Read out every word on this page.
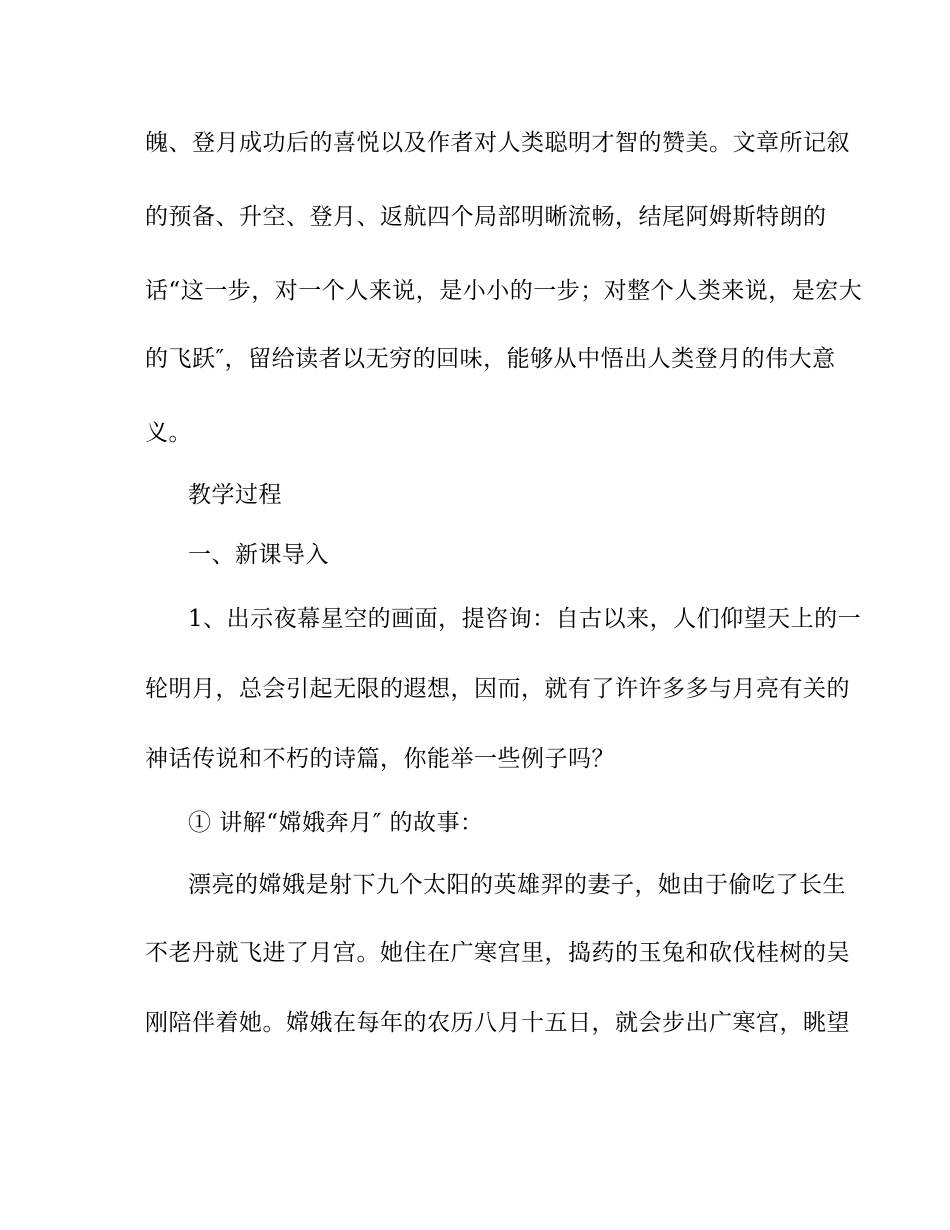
魄、登月成功后的喜悦以及作者对人类聪明才智的赞美。文章所记叙
的预备、升空、登月、返航四个局部明晰流畅，结尾阿姆斯特朗的
话“这一步，对一个人来说，是小小的一步；对整个人类来说，是宏大
的飞跃″，留给读者以无穷的回味，能够从中悟出人类登月的伟大意
义。
教学过程
一、新课导入
1、出示夜幕星空的画面，提咨询：自古以来，人们仰望天上的一
轮明月，总会引起无限的遐想，因而，就有了许许多多与月亮有关的
神话传说和不朽的诗篇，你能举一些例子吗？
① 讲解“嫦娥奔月″ 的故事：
漂亮的嫦娥是射下九个太阳的英雄羿的妻子，她由于偷吃了长生
不老丹就飞进了月宫。她住在广寒宫里，捣药的玉兔和砍伐桂树的吴
刚陪伴着她。嫦娥在每年的农历八月十五日，就会步出广寒宫，眺望
